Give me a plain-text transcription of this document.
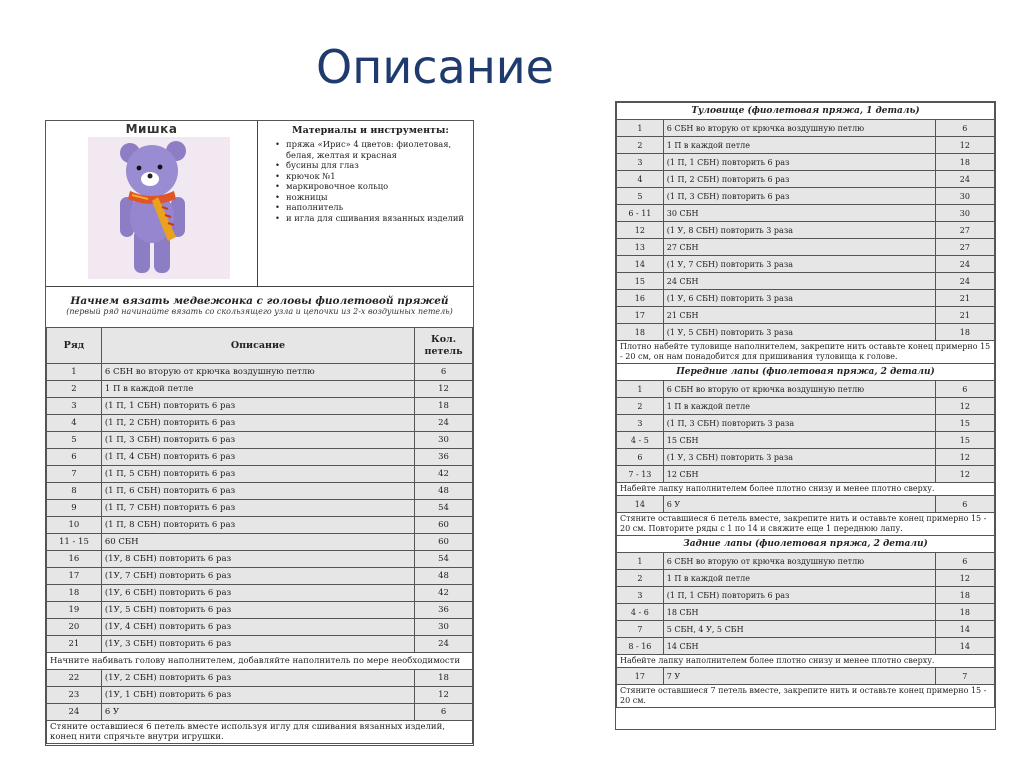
Описание
Мишка	Материалы и инструменты:
• пряжа «Ирис» 4 цветов: фиолетовая, белая, желтая и красная
• бусины для глаз
• крючок №1
• маркировочное кольцо
• ножницы
• наполнитель
• и игла для сшивания вязанных изделий
Начнем вязать медвежонка с головы фиолетовой пряжей
(первый ряд начинайте вязать со скользящего узла и цепочки из 2-х воздушных петель)
Ряд	Описание	Кол. петель
1	6 СБН во вторую от крючка воздушную петлю	6
2	1 П в каждой петле	12
3	(1 П, 1 СБН) повторить 6 раз	18
4	(1 П, 2 СБН) повторить 6 раз	24
5	(1 П, 3 СБН) повторить 6 раз	30
6	(1 П, 4 СБН) повторить 6 раз	36
7	(1 П, 5 СБН) повторить 6 раз	42
8	(1 П, 6 СБН) повторить 6 раз	48
9	(1 П, 7 СБН) повторить 6 раз	54
10	(1 П, 8 СБН) повторить 6 раз	60
11 - 15	60 СБН	60
16	(1У, 8 СБН) повторить 6 раз	54
17	(1У, 7 СБН) повторить 6 раз	48
18	(1У, 6 СБН) повторить 6 раз	42
19	(1У, 5 СБН) повторить 6 раз	36
20	(1У, 4 СБН) повторить 6 раз	30
21	(1У, 3 СБН) повторить 6 раз	24
Начните набивать голову наполнителем, добавляйте наполнитель по мере необходимости		
22	(1У, 2 СБН) повторить 6 раз	18
23	(1У, 1 СБН) повторить 6 раз	12
24	6 У	6
Стяните оставшиеся 6 петель вместе используя иглу для сшивания вязанных изделий, конец нити спрячьте внутри игрушки.		
Туловище (фиолетовая пряжа, 1 деталь)		
1	6 СБН во вторую от крючка воздушную петлю	6
2	1 П в каждой петле	12
3	(1 П, 1 СБН) повторить 6 раз	18
4	(1 П, 2 СБН) повторить 6 раз	24
5	(1 П, 3 СБН) повторить 6 раз	30
6 - 11	30 СБН	30
12	(1 У, 8 СБН) повторить 3 раза	27
13	27 СБН	27
14	(1 У, 7 СБН) повторить 3 раза	24
15	24 СБН	24
16	(1 У, 6 СБН) повторить 3 раза	21
17	21 СБН	21
18	(1 У, 5 СБН) повторить 3 раза	18
Плотно набейте туловище наполнителем, закрепите нить оставьте конец примерно 15 - 20 см, он нам понадобится для пришивания туловища к голове.		
Передние лапы (фиолетовая пряжа, 2 детали)		
1	6 СБН во вторую от крючка воздушную петлю	6
2	1 П в каждой петле	12
3	(1 П, 3 СБН) повторить 3 раза	15
4 - 5	15 СБН	15
6	(1 У, 3 СБН) повторить 3 раза	12
7 - 13	12 СБН	12
Набейте лапку наполнителем более плотно снизу и менее плотно сверху.		
14	6 У	6
Стяните оставшиеся 6 петель вместе, закрепите нить и оставьте конец примерно 15 - 20 см. Повторите ряды с 1 по 14 и свяжите еще 1 переднюю лапу.		
Задние лапы (фиолетовая пряжа, 2 детали)		
1	6 СБН во вторую от крючка воздушную петлю	6
2	1 П в каждой петле	12
3	(1 П, 1 СБН) повторить 6 раз	18
4 - 6	18 СБН	18
7	5 СБН, 4 У, 5 СБН	14
8 - 16	14 СБН	14
Набейте лапку наполнителем более плотно снизу и менее плотно сверху.		
17	7 У	7
Стяните оставшиеся 7 петель вместе, закрепите нить и оставьте конец примерно 15 - 20 см.		
